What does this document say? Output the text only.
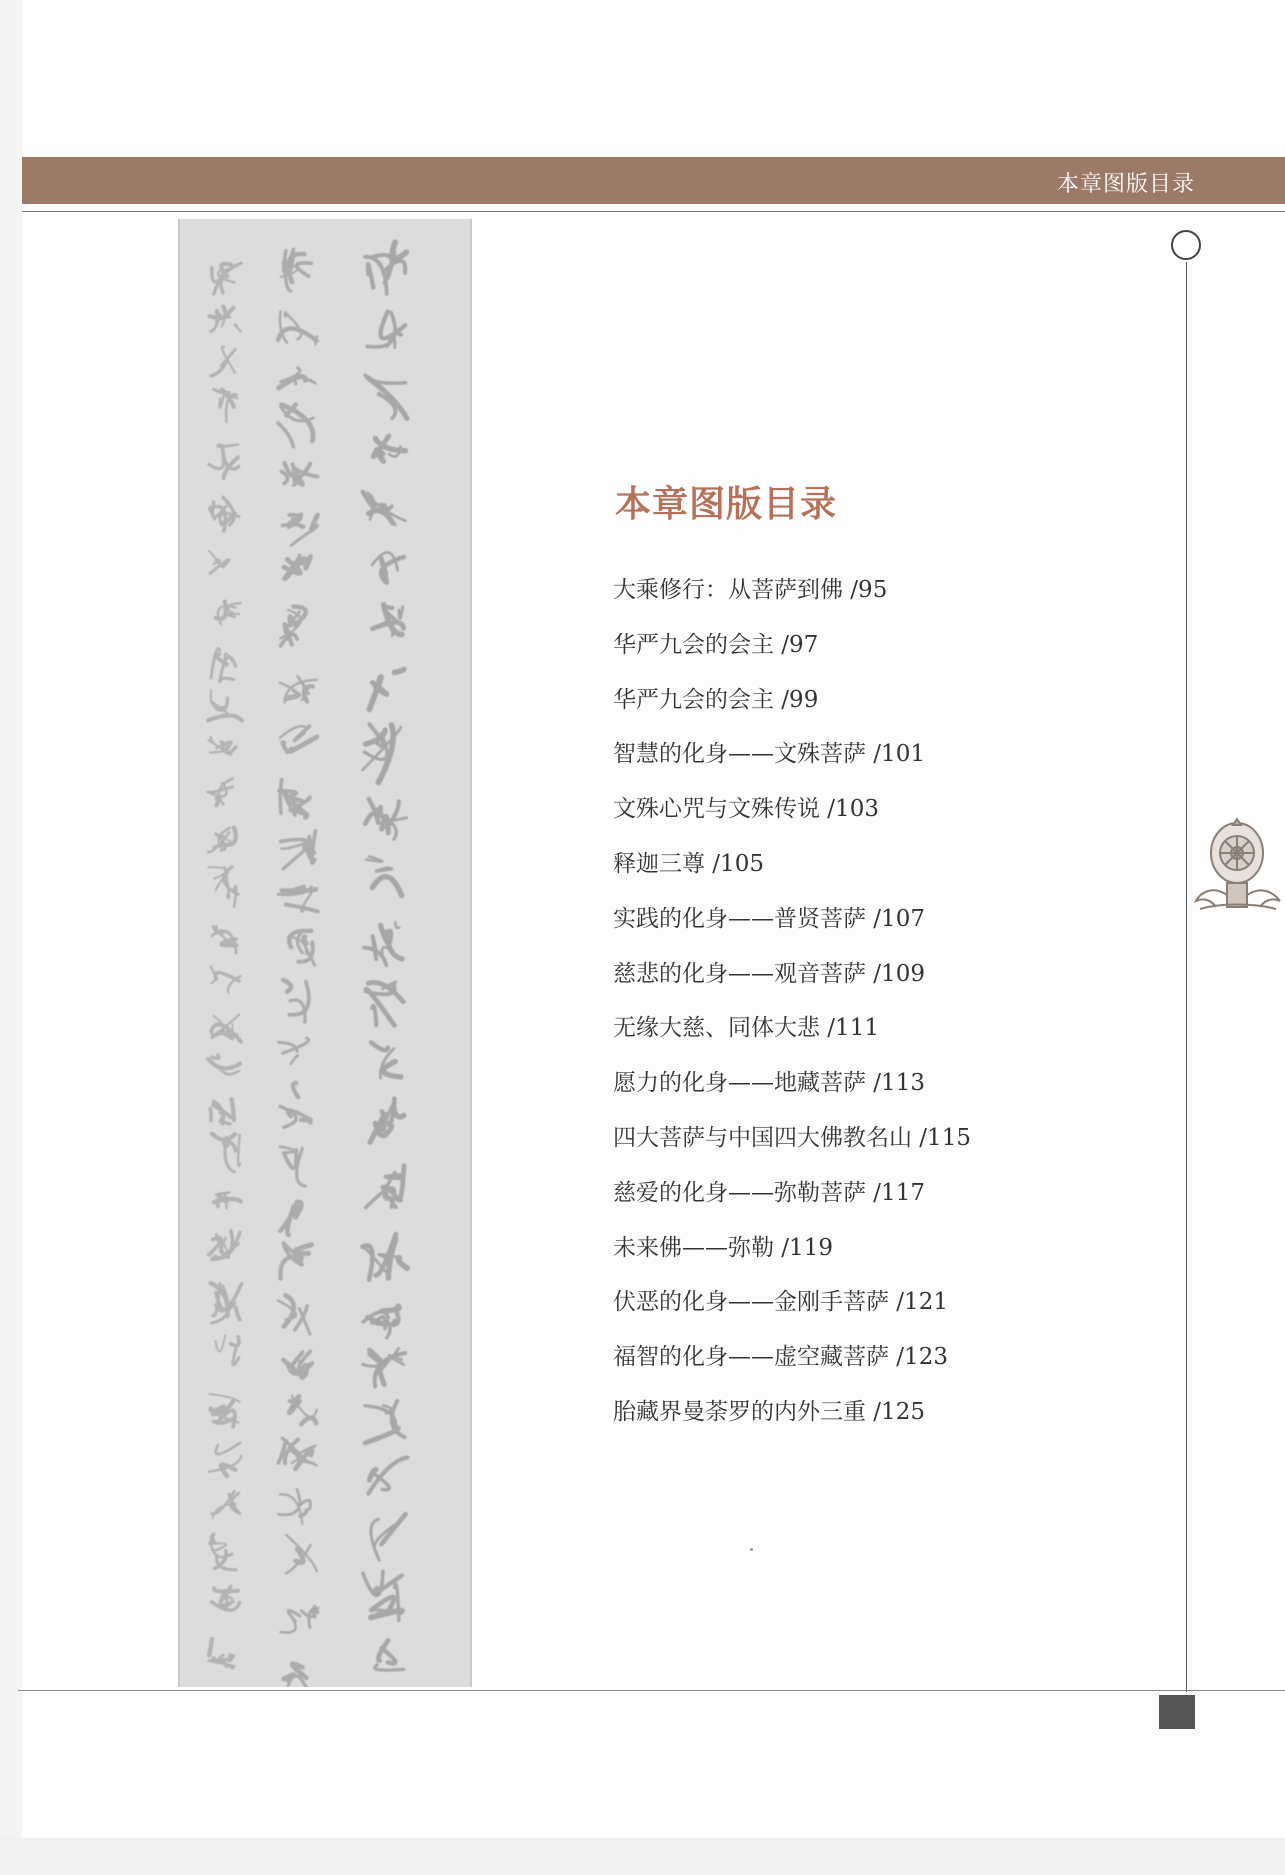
本章图版目录
本章图版目录
大乘修行：从菩萨到佛 /95
华严九会的会主 /97
华严九会的会主 /99
智慧的化身——文殊菩萨 /101
文殊心咒与文殊传说 /103
释迦三尊 /105
实践的化身——普贤菩萨 /107
慈悲的化身——观音菩萨 /109
无缘大慈、同体大悲 /111
愿力的化身——地藏菩萨 /113
四大菩萨与中国四大佛教名山 /115
慈爱的化身——弥勒菩萨 /117
未来佛——弥勒 /119
伏恶的化身——金刚手菩萨 /121
福智的化身——虚空藏菩萨 /123
胎藏界曼荼罗的内外三重 /125
